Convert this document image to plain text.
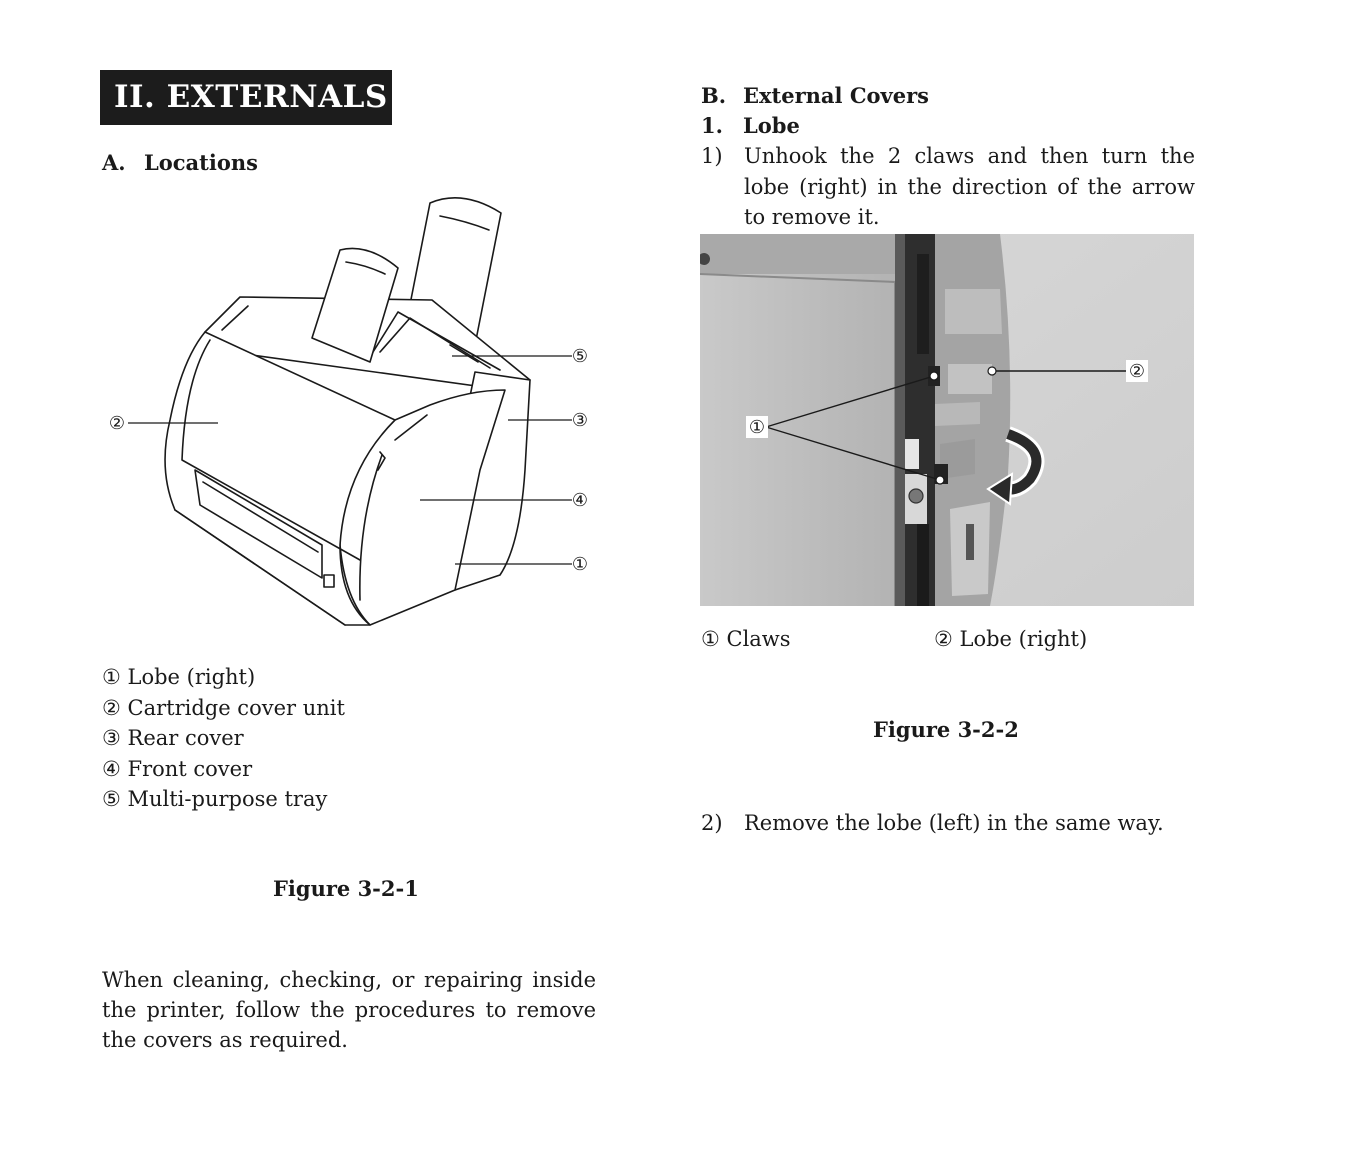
II. EXTERNALS
A. Locations
②
⑤
③
④
①
① Lobe (right)
② Cartridge cover unit
③ Rear cover
④ Front cover
⑤ Multi-purpose tray
Figure 3-2-1
When cleaning, checking, or repairing inside the printer, follow the procedures to remove the covers as required.
B. External Covers
1. Lobe
1) Unhook the 2 claws and then turn the lobe (right) in the direction of the arrow to remove it.
①
②
① Claws	② Lobe (right)
Figure 3-2-2
2) Remove the lobe (left) in the same way.
